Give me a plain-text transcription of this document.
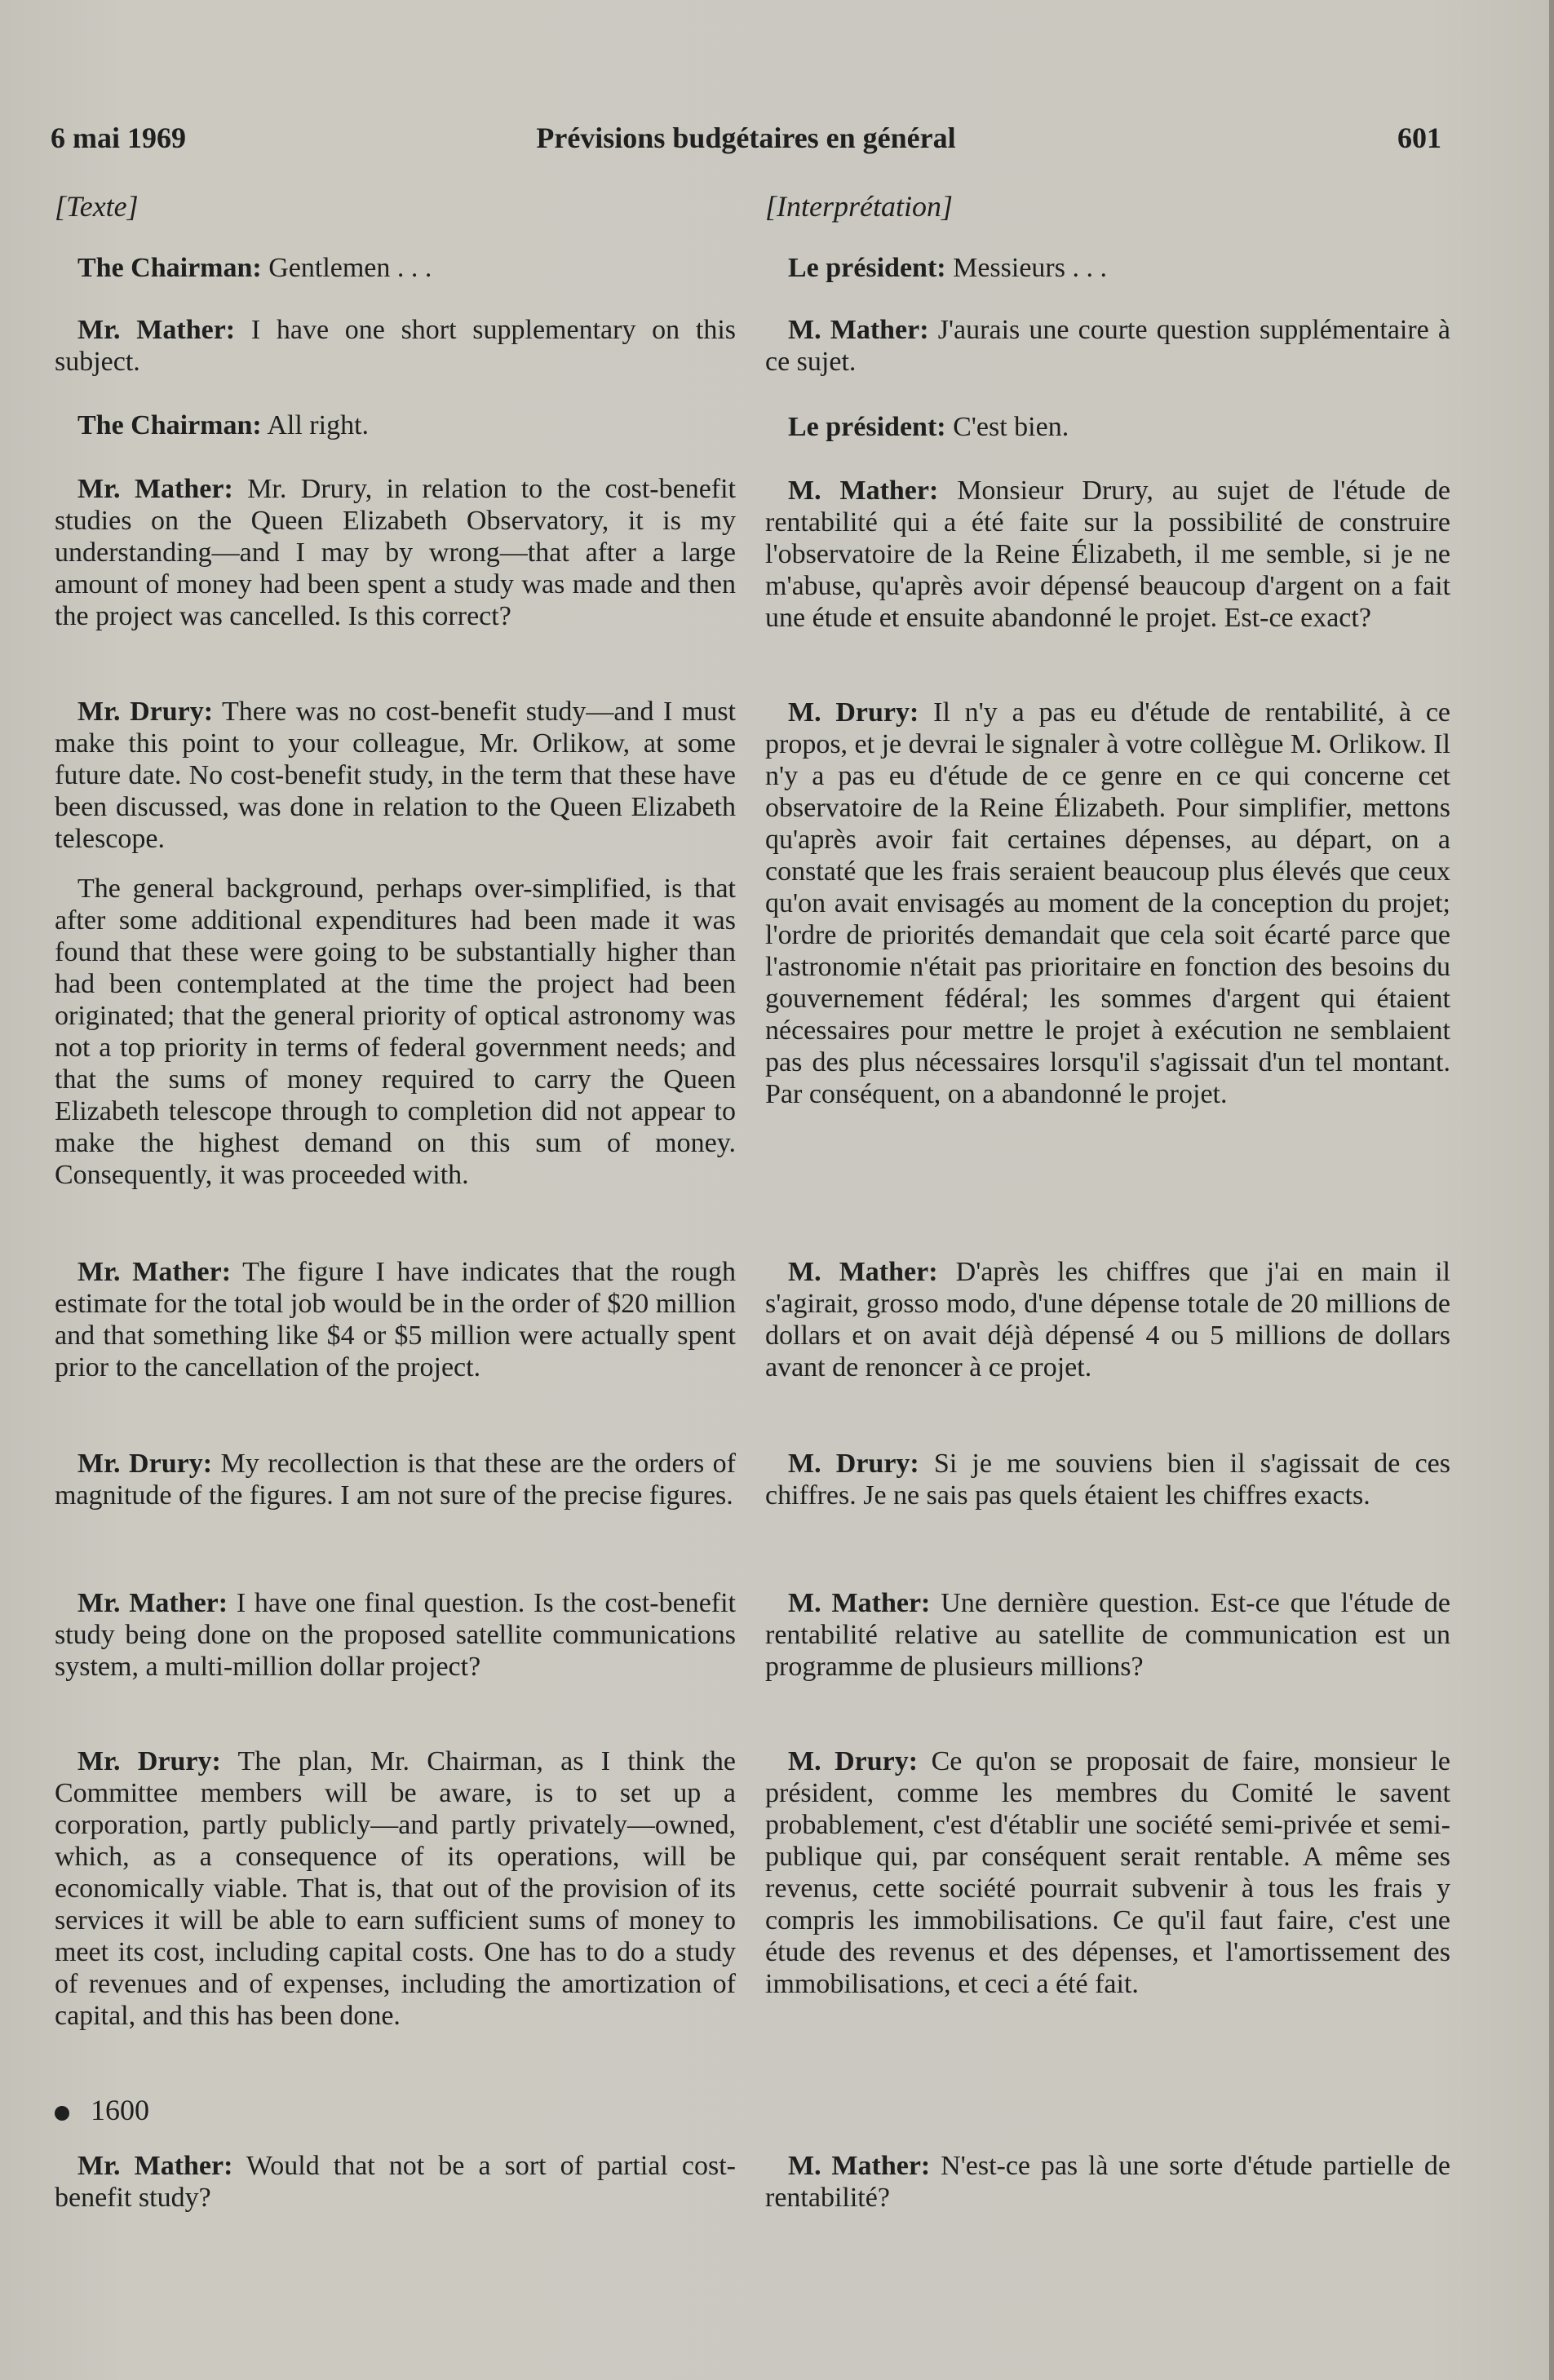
6 mai 1969	Prévisions budgétaires en général	601
[Texte]

The Chairman: Gentlemen . . .

Mr. Mather: I have one short supplementary on this subject.

The Chairman: All right.

Mr. Mather: Mr. Drury, in relation to the cost-benefit studies on the Queen Elizabeth Observatory, it is my understanding—and I may by wrong—that after a large amount of money had been spent a study was made and then the project was cancelled. Is this correct?

Mr. Drury: There was no cost-benefit study—and I must make this point to your colleague, Mr. Orlikow, at some future date. No cost-benefit study, in the term that these have been discussed, was done in relation to the Queen Elizabeth telescope.

The general background, perhaps over-simplified, is that after some additional expenditures had been made it was found that these were going to be substantially higher than had been contemplated at the time the project had been originated; that the general priority of optical astronomy was not a top priority in terms of federal government needs; and that the sums of money required to carry the Queen Elizabeth telescope through to completion did not appear to make the highest demand on this sum of money. Consequently, it was proceeded with.

Mr. Mather: The figure I have indicates that the rough estimate for the total job would be in the order of $20 million and that something like $4 or $5 million were actually spent prior to the cancellation of the project.

Mr. Drury: My recollection is that these are the orders of magnitude of the figures. I am not sure of the precise figures.

Mr. Mather: I have one final question. Is the cost-benefit study being done on the proposed satellite communications system, a multi-million dollar project?

Mr. Drury: The plan, Mr. Chairman, as I think the Committee members will be aware, is to set up a corporation, partly publicly—and partly privately—owned, which, as a consequence of its operations, will be economically viable. That is, that out of the provision of its services it will be able to earn sufficient sums of money to meet its cost, including capital costs. One has to do a study of revenues and of expenses, including the amortization of capital, and this has been done.

1600

Mr. Mather: Would that not be a sort of partial cost-benefit study?

[Interprétation]

Le président: Messieurs . . .

M. Mather: J'aurais une courte question supplémentaire à ce sujet.

Le président: C'est bien.

M. Mather: Monsieur Drury, au sujet de l'étude de rentabilité qui a été faite sur la possibilité de construire l'observatoire de la Reine Élizabeth, il me semble, si je ne m'abuse, qu'après avoir dépensé beaucoup d'argent on a fait une étude et ensuite abandonné le projet. Est-ce exact?

M. Drury: Il n'y a pas eu d'étude de rentabilité, à ce propos, et je devrai le signaler à votre collègue M. Orlikow. Il n'y a pas eu d'étude de ce genre en ce qui concerne cet observatoire de la Reine Élizabeth. Pour simplifier, mettons qu'après avoir fait certaines dépenses, au départ, on a constaté que les frais seraient beaucoup plus élevés que ceux qu'on avait envisagés au moment de la conception du projet; l'ordre de priorités demandait que cela soit écarté parce que l'astronomie n'était pas prioritaire en fonction des besoins du gouvernement fédéral; les sommes d'argent qui étaient nécessaires pour mettre le projet à exécution ne semblaient pas des plus nécessaires lorsqu'il s'agissait d'un tel montant. Par conséquent, on a abandonné le projet.

M. Mather: D'après les chiffres que j'ai en main il s'agirait, grosso modo, d'une dépense totale de 20 millions de dollars et on avait déjà dépensé 4 ou 5 millions de dollars avant de renoncer à ce projet.

M. Drury: Si je me souviens bien il s'agissait de ces chiffres. Je ne sais pas quels étaient les chiffres exacts.

M. Mather: Une dernière question. Est-ce que l'étude de rentabilité relative au satellite de communication est un programme de plusieurs millions?

M. Drury: Ce qu'on se proposait de faire, monsieur le président, comme les membres du Comité le savent probablement, c'est d'établir une société semi-privée et semi-publique qui, par conséquent serait rentable. A même ses revenus, cette société pourrait subvenir à tous les frais y compris les immobilisations. Ce qu'il faut faire, c'est une étude des revenus et des dépenses, et l'amortissement des immobilisations, et ceci a été fait.

M. Mather: N'est-ce pas là une sorte d'étude partielle de rentabilité?
